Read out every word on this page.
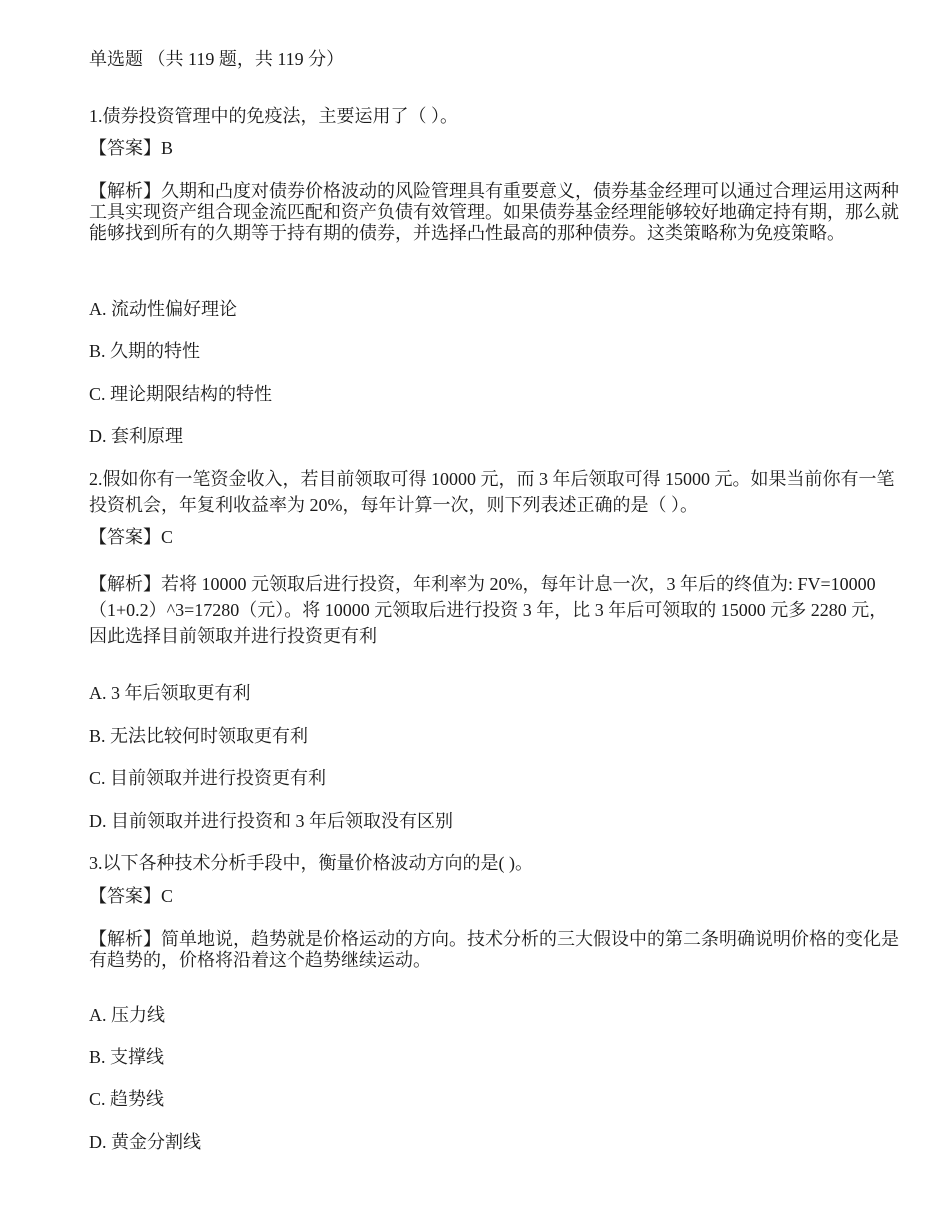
单选题 （共 119 题，共 119 分）
1.债券投资管理中的免疫法，主要运用了（ ）。
【答案】B
【解析】久期和凸度对债券价格波动的风险管理具有重要意义，债券基金经理可以通过合理运用这两种工具实现资产组合现金流匹配和资产负债有效管理。如果债券基金经理能够较好地确定持有期，那么就能够找到所有的久期等于持有期的债券，并选择凸性最高的那种债券。这类策略称为免疫策略。
A. 流动性偏好理论
B. 久期的特性
C. 理论期限结构的特性
D. 套利原理
2.假如你有一笔资金收入，若目前领取可得 10000 元，而 3 年后领取可得 15000 元。如果当前你有一笔投资机会，年复利收益率为 20%，每年计算一次，则下列表述正确的是（ ）。
【答案】C
【解析】若将 10000 元领取后进行投资，年利率为 20%，每年计息一次，3 年后的终值为: FV=10000（1+0.2）^3=17280（元）。将 10000 元领取后进行投资 3 年，比 3 年后可领取的 15000 元多 2280 元，因此选择目前领取并进行投资更有利
A. 3 年后领取更有利
B. 无法比较何时领取更有利
C. 目前领取并进行投资更有利
D. 目前领取并进行投资和 3 年后领取没有区别
3.以下各种技术分析手段中，衡量价格波动方向的是( )。
【答案】C
【解析】简单地说，趋势就是价格运动的方向。技术分析的三大假设中的第二条明确说明价格的变化是有趋势的，价格将沿着这个趋势继续运动。
A. 压力线
B. 支撑线
C. 趋势线
D. 黄金分割线
